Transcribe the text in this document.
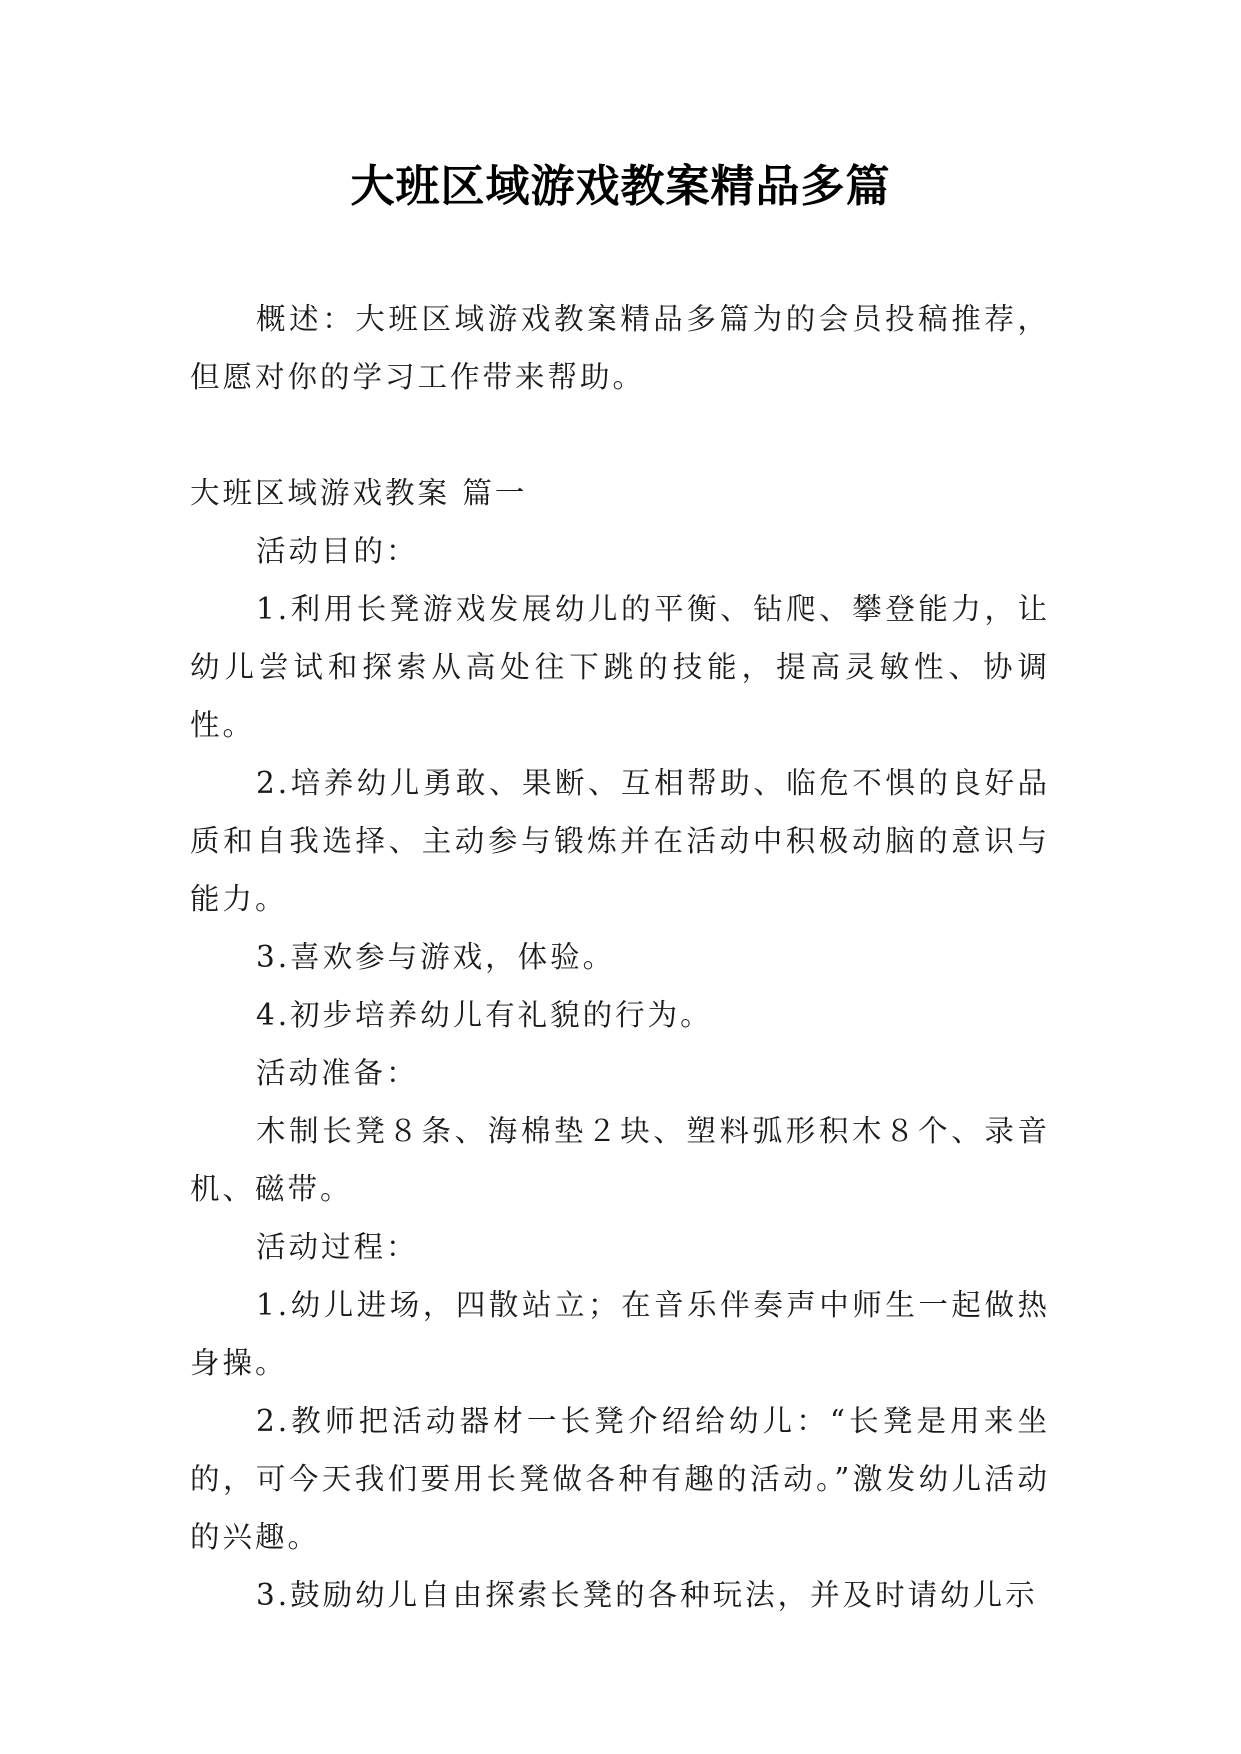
大班区域游戏教案精品多篇

概述：大班区域游戏教案精品多篇为的会员投稿推荐，但愿对你的学习工作带来帮助。

大班区域游戏教案 篇一

活动目的：

1.利用长凳游戏发展幼儿的平衡、钻爬、攀登能力，让幼儿尝试和探索从高处往下跳的技能，提高灵敏性、协调性。

2.培养幼儿勇敢、果断、互相帮助、临危不惧的良好品质和自我选择、主动参与锻炼并在活动中积极动脑的意识与能力。

3.喜欢参与游戏，体验。

4.初步培养幼儿有礼貌的行为。

活动准备：

木制长凳８条、海棉垫２块、塑料弧形积木８个、录音机、磁带。

活动过程：

1.幼儿进场，四散站立；在音乐伴奏声中师生一起做热身操。

2.教师把活动器材一长凳介绍给幼儿：“长凳是用来坐的，可今天我们要用长凳做各种有趣的活动。”激发幼儿活动的兴趣。

3.鼓励幼儿自由探索长凳的各种玩法，并及时请幼儿示
